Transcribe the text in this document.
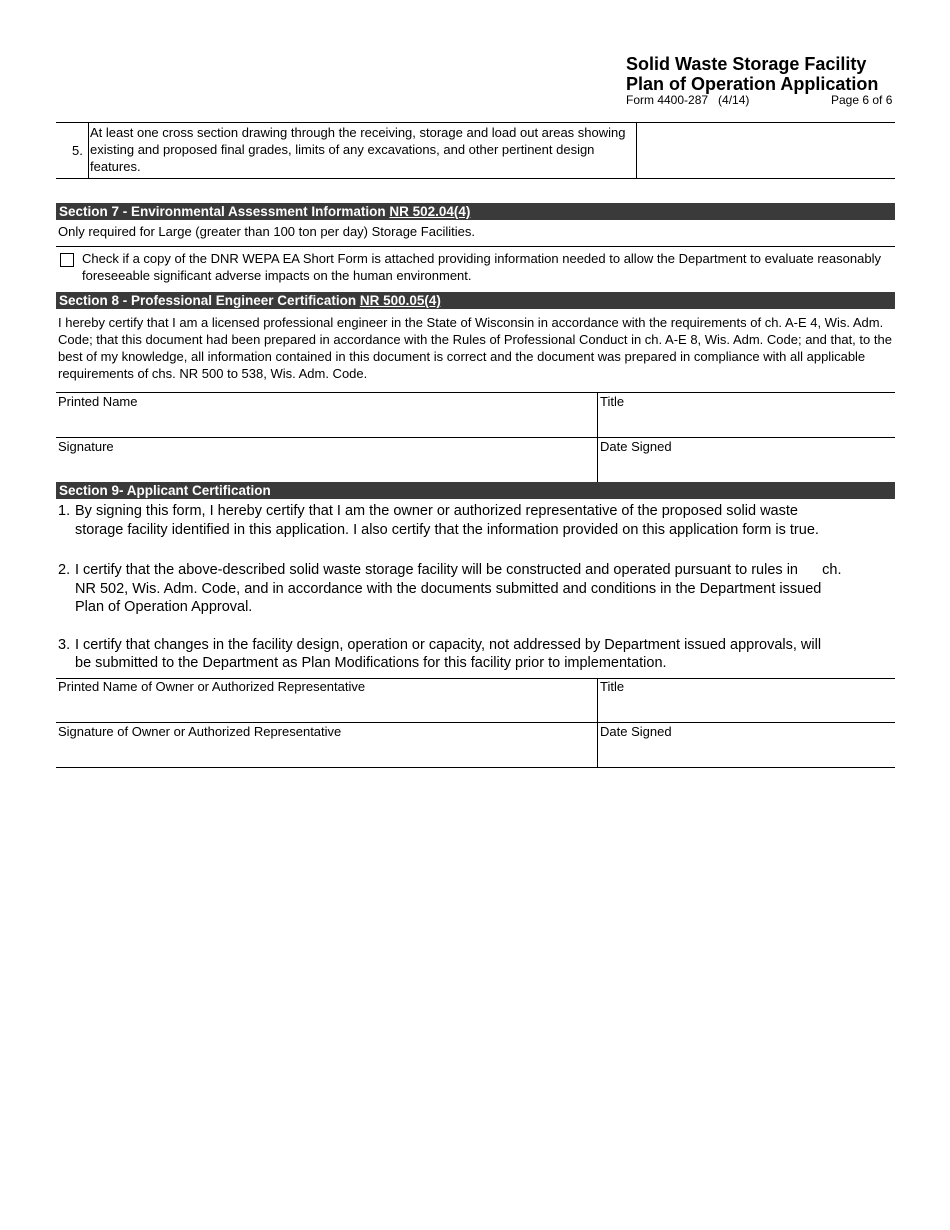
Solid Waste Storage Facility
Plan of Operation Application
Form 4400-287   (4/14)	Page 6 of 6
5.
At least one cross section drawing through the receiving, storage and load out areas showing existing and proposed final grades, limits of any excavations, and other pertinent design features.
Section 7 - Environmental Assessment Information NR 502.04(4)
Only required for Large (greater than 100 ton per day) Storage Facilities.
Check if a copy of the DNR WEPA EA Short Form is attached providing information needed to allow the Department to evaluate reasonably foreseeable significant adverse impacts on the human environment.
Section 8 - Professional Engineer Certification NR 500.05(4)
I hereby certify that I am a licensed professional engineer in the State of Wisconsin in accordance with the requirements of ch. A-E 4, Wis. Adm. Code; that this document had been prepared in accordance with the Rules of Professional Conduct in ch. A-E 8, Wis. Adm. Code; and that, to the best of my knowledge, all information contained in this document is correct and the document was prepared in compliance with all applicable requirements of chs. NR 500 to 538, Wis. Adm. Code.
Printed Name	Title
Signature	Date Signed
Section 9- Applicant Certification
1. By signing this form, I hereby certify that I am the owner or authorized representative of the proposed solid waste
storage facility identified in this application. I also certify that the information provided on this application form is true.
2. I certify that the above-described solid waste storage facility will be constructed and operated pursuant to rules in      ch.
NR 502, Wis. Adm. Code, and in accordance with the documents submitted and conditions in the Department issued
Plan of Operation Approval.
3. I certify that changes in the facility design, operation or capacity, not addressed by Department issued approvals, will
be submitted to the Department as Plan Modifications for this facility prior to implementation.
Printed Name of Owner or Authorized Representative	Title
Signature of Owner or Authorized Representative	Date Signed
